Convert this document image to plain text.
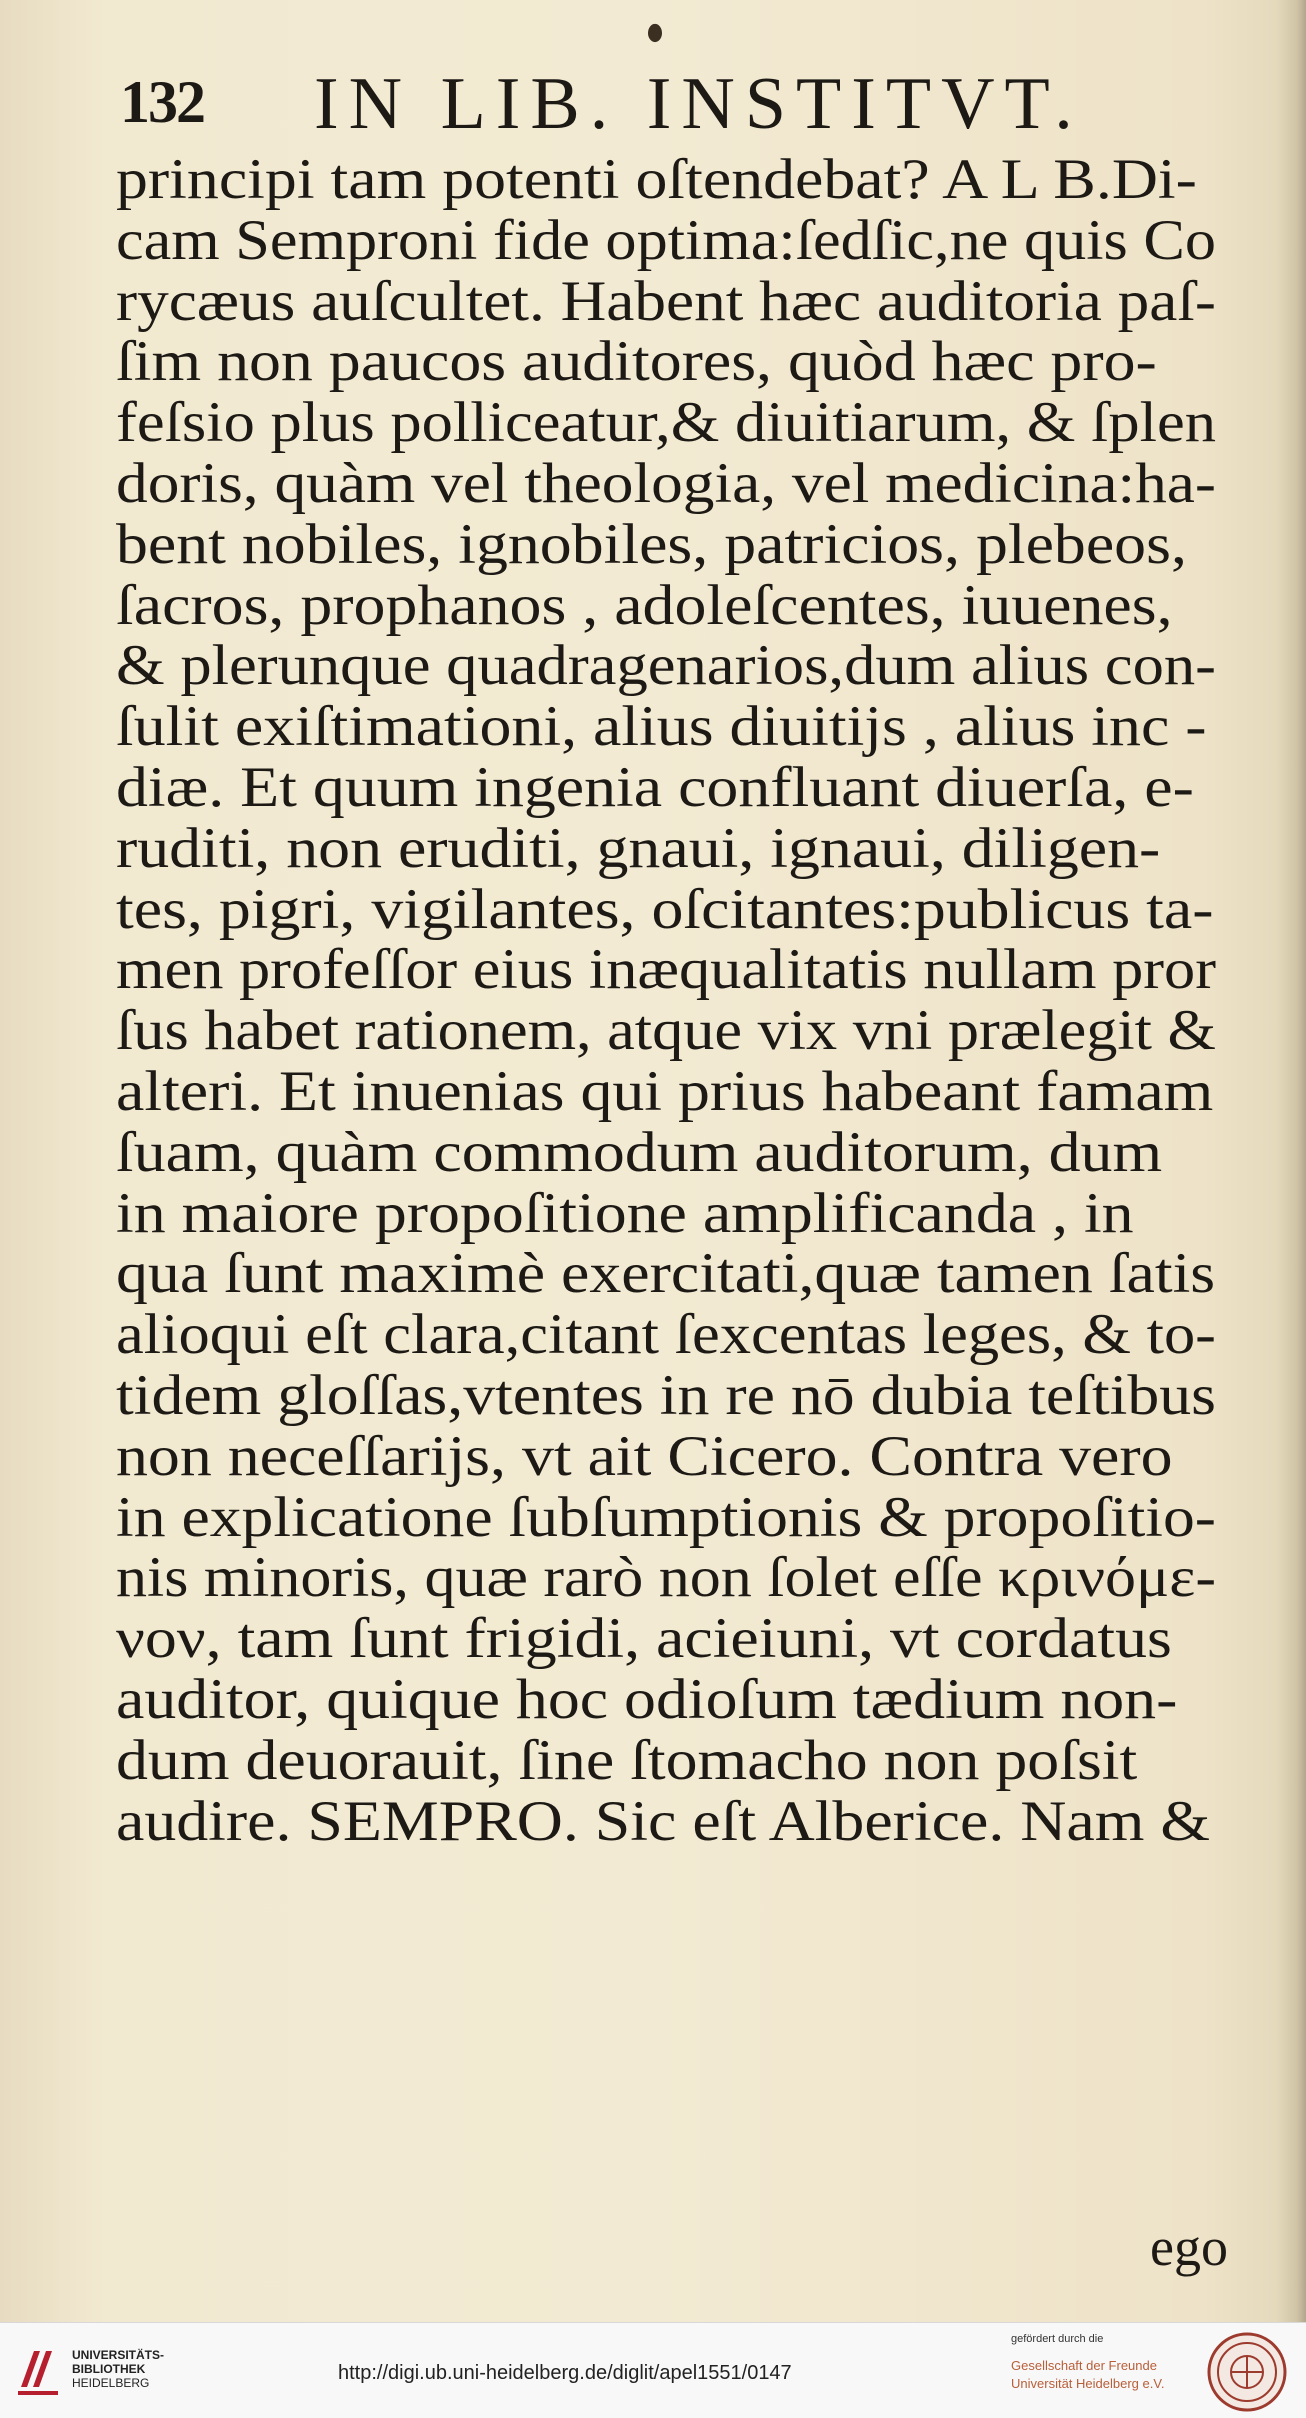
132 IN LIB. INSTITVT.
principi tam potenti oſtendebat? A L B.Di-
cam Semproni fide optima:ſedſic,ne quis Co
rycæus auſcultet. Habent hæc auditoria paſ-
ſim non paucos auditores, quòd hæc pro-
feſsio plus polliceatur,& diuitiarum, & ſplen
doris, quàm vel theologia, vel medicina:ha-
bent nobiles, ignobiles, patricios, plebeos,
ſacros, prophanos , adoleſcentes, iuuenes,
& plerunque quadragenarios,dum alius con-
ſulit exiſtimationi, alius diuitijs , alius inc -
diæ. Et quum ingenia confluant diuerſa, e-
ruditi, non eruditi, gnaui, ignaui, diligen-
tes, pigri, vigilantes, oſcitantes:publicus ta-
men profeſſor eius inæqualitatis nullam pror
ſus habet rationem, atque vix vni prælegit &
alteri. Et inuenias qui prius habeant famam
ſuam, quàm commodum auditorum, dum
in maiore propoſitione amplificanda , in
qua ſunt maximè exercitati,quæ tamen ſatis
alioqui eſt clara,citant ſexcentas leges, & to-
tidem gloſſas,vtentes in re nō dubia teſtibus
non neceſſarijs, vt ait Cicero. Contra vero
in explicatione ſubſumptionis & propoſitio-
nis minoris, quæ rarò non ſolet eſſe κρινόμε-
νον, tam ſunt frigidi, acieiuni, vt cordatus
auditor, quique hoc odioſum tædium non-
dum deuorauit, ſine ſtomacho non poſsit
audire. SEMPRO. Sic eſt Alberice. Nam &
ego
UNIVERSITÄTS-
BIBLIOTHEK
HEIDELBERG	http://digi.ub.uni-heidelberg.de/diglit/apel1551/0147
gefördert durch die
Gesellschaft der Freunde
Universität Heidelberg e.V.
